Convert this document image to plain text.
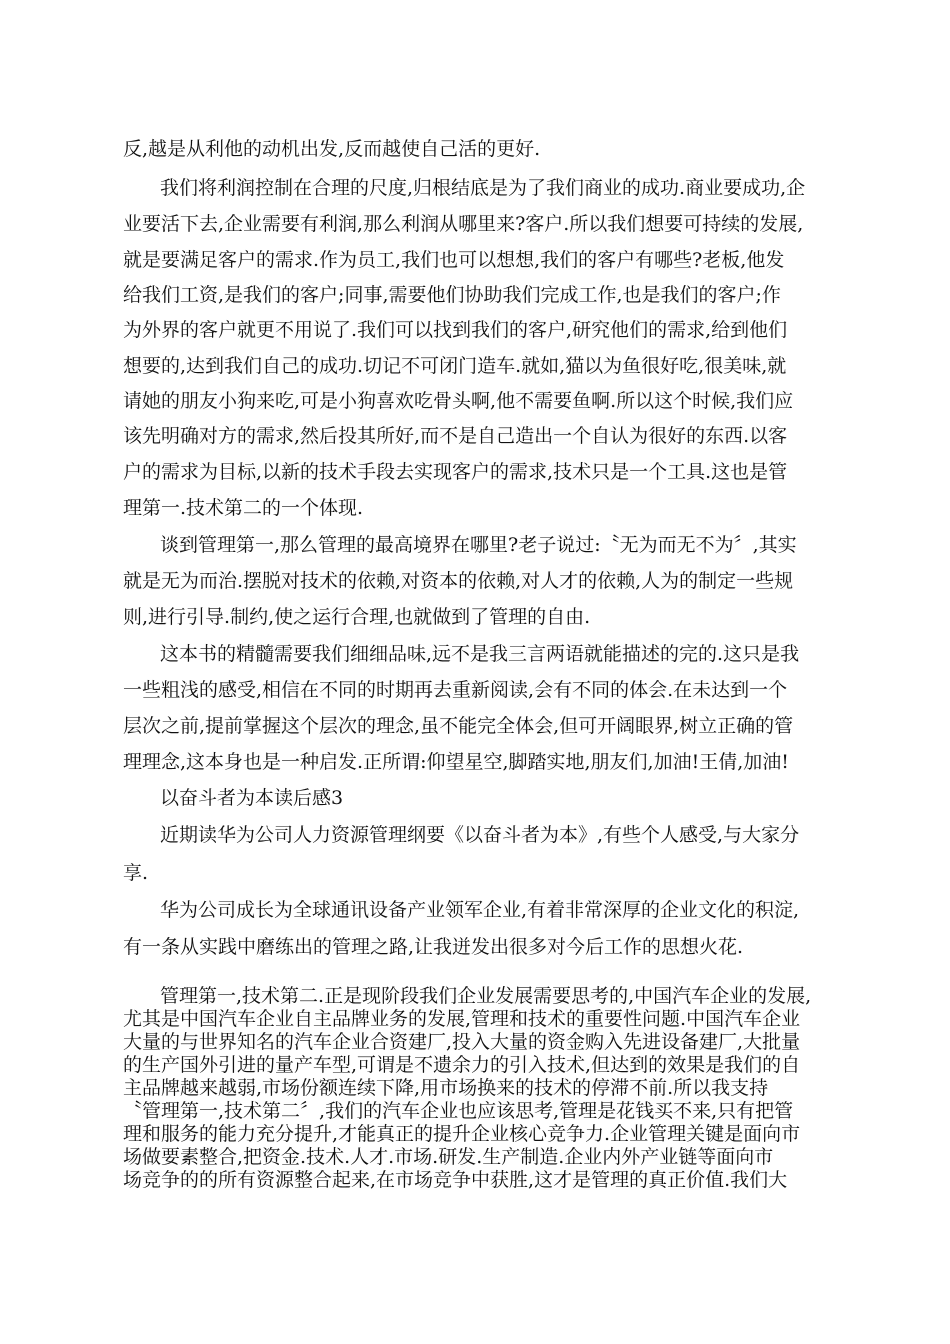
反,越是从利他的动机出发,反而越使自己活的更好.

我们将利润控制在合理的尺度,归根结底是为了我们商业的成功.商业要成功,企

业要活下去,企业需要有利润,那么利润从哪里来?客户.所以我们想要可持续的发展,

就是要满足客户的需求.作为员工,我们也可以想想,我们的客户有哪些?老板,他发

给我们工资,是我们的客户;同事,需要他们协助我们完成工作,也是我们的客户;作

为外界的客户就更不用说了.我们可以找到我们的客户,研究他们的需求,给到他们

想要的,达到我们自己的成功.切记不可闭门造车.就如,猫以为鱼很好吃,很美味,就

请她的朋友小狗来吃,可是小狗喜欢吃骨头啊,他不需要鱼啊.所以这个时候,我们应

该先明确对方的需求,然后投其所好,而不是自己造出一个自认为很好的东西.以客

户的需求为目标,以新的技术手段去实现客户的需求,技术只是一个工具.这也是管

理第一.技术第二的一个体现.

谈到管理第一,那么管理的最高境界在哪里?老子说过:〝无为而无不为〞,其实

就是无为而治.摆脱对技术的依赖,对资本的依赖,对人才的依赖,人为的制定一些规

则,进行引导.制约,使之运行合理,也就做到了管理的自由.

这本书的精髓需要我们细细品味,远不是我三言两语就能描述的完的.这只是我

一些粗浅的感受,相信在不同的时期再去重新阅读,会有不同的体会.在未达到一个

层次之前,提前掌握这个层次的理念,虽不能完全体会,但可开阔眼界,树立正确的管

理理念,这本身也是一种启发.正所谓:仰望星空,脚踏实地,朋友们,加油!王倩,加油!

以奋斗者为本读后感3

近期读华为公司人力资源管理纲要《以奋斗者为本》,有些个人感受,与大家分

享.

华为公司成长为全球通讯设备产业领军企业,有着非常深厚的企业文化的积淀,

有一条从实践中磨练出的管理之路,让我迸发出很多对今后工作的思想火花.

管理第一,技术第二.正是现阶段我们企业发展需要思考的,中国汽车企业的发展,

尤其是中国汽车企业自主品牌业务的发展,管理和技术的重要性问题.中国汽车企业

大量的与世界知名的汽车企业合资建厂,投入大量的资金购入先进设备建厂,大批量

的生产国外引进的量产车型,可谓是不遗余力的引入技术,但达到的效果是我们的自

主品牌越来越弱,市场份额连续下降,用市场换来的技术的停滞不前.所以我支持

〝管理第一,技术第二〞,我们的汽车企业也应该思考,管理是花钱买不来,只有把管

理和服务的能力充分提升,才能真正的提升企业核心竞争力.企业管理关键是面向市

场做要素整合,把资金.技术.人才.市场.研发.生产制造.企业内外产业链等面向市

场竞争的的所有资源整合起来,在市场竞争中获胜,这才是管理的真正价值.我们大
